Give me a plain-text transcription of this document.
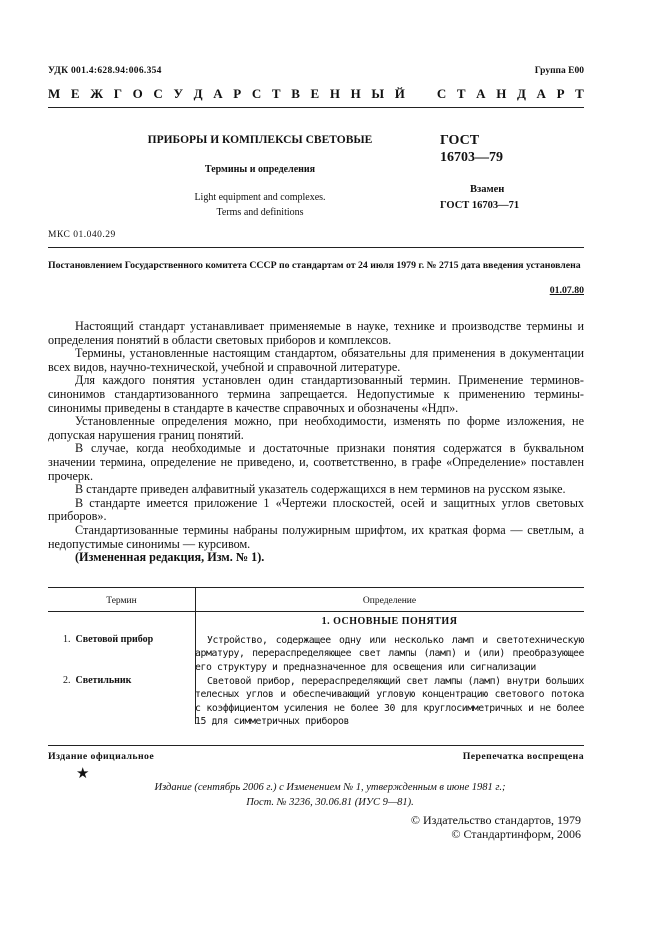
УДК 001.4:628.94:006.354	Группа Е00
М Е Ж Г О С У Д А Р С Т В Е Н Н Ы Й С Т А Н Д А Р Т
ПРИБОРЫ И КОМПЛЕКСЫ СВЕТОВЫЕ
Термины и определения
Light equipment and complexes.
Terms and definitions
ГОСТ
16703—79
Взамен
ГОСТ 16703—71
МКС 01.040.29
Постановлением Государственного комитета СССР по стандартам от 24 июля 1979 г. № 2715 дата введения установлена
01.07.80

Настоящий стандарт устанавливает применяемые в науке, технике и производстве термины и определения понятий в области световых приборов и комплексов.

Термины, установленные настоящим стандартом, обязательны для применения в документации всех видов, научно-технической, учебной и справочной литературе.

Для каждого понятия установлен один стандартизованный термин. Применение терминов-синонимов стандартизованного термина запрещается. Недопустимые к применению термины-синонимы приведены в стандарте в качестве справочных и обозначены «Ндп».

Установленные определения можно, при необходимости, изменять по форме изложения, не допуская нарушения границ понятий.

В случае, когда необходимые и достаточные признаки понятия содержатся в буквальном значении термина, определение не приведено, и, соответственно, в графе «Определение» поставлен прочерк.

В стандарте приведен алфавитный указатель содержащихся в нем терминов на русском языке.

В стандарте имеется приложение 1 «Чертежи плоскостей, осей и защитных углов световых приборов».

Стандартизованные термины набраны полужирным шрифтом, их краткая форма — светлым, а недопустимые синонимы — курсивом.

(Измененная редакция, Изм. № 1).

Термин	Определение
1. ОСНОВНЫЕ ПОНЯТИЯ
1. Световой прибор	Устройство, содержащее одну или несколько ламп и светотехническую арматуру, перераспределяющее свет лампы (ламп) и (или) преобразующее его структуру и предназначенное для освещения или сигнализации
2. Светильник	Световой прибор, перераспределяющий свет лампы (ламп) внутри больших телесных углов и обеспечивающий угловую концентрацию светового потока с коэффициентом усиления не более 30 для круглосимметричных и не более 15 для симметричных приборов
Издание официальное	Перепечатка воспрещена
★
Издание (сентябрь 2006 г.) с Изменением № 1, утвержденным в июне 1981 г.;
Пост. № 3236, 30.06.81 (ИУС 9—81).
© Издательство стандартов, 1979
© Стандартинформ, 2006
